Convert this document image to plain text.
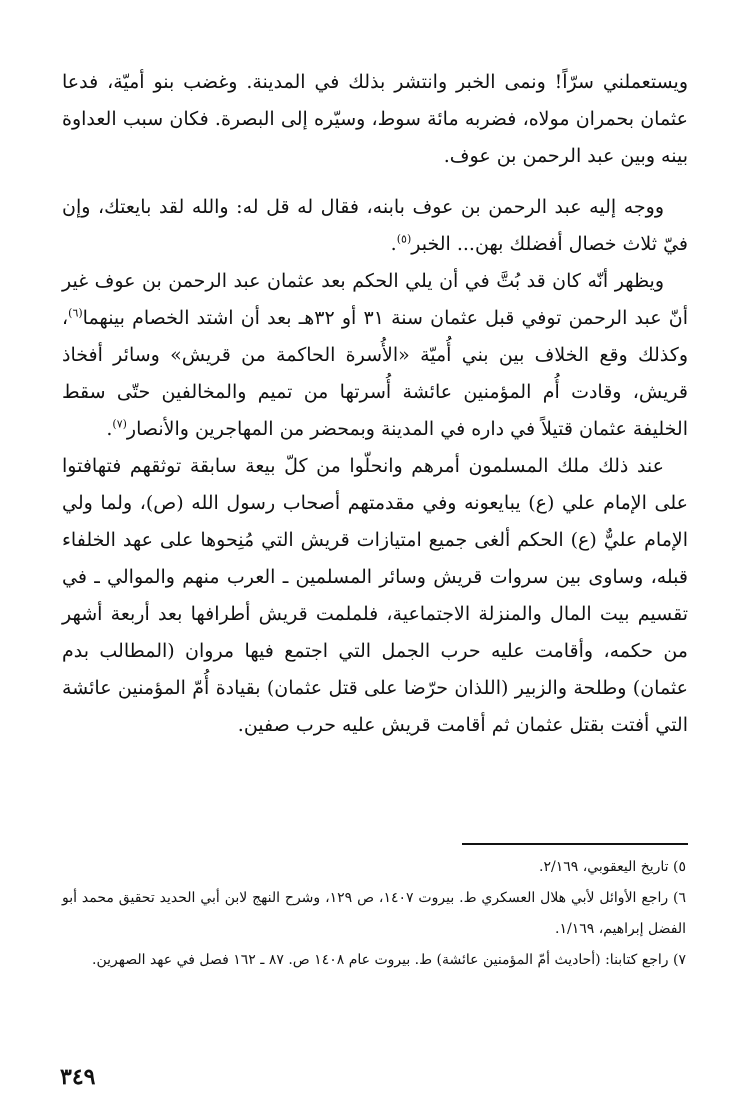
ويستعملني سرّاً! ونمى الخبر وانتشر بذلك في المدينة. وغضب بنو أميّة، فدعا عثمان بحمران مولاه، فضربه مائة سوط، وسيّره إلى البصرة. فكان سبب العداوة بينه وبين عبد الرحمن بن عوف.

ووجه إليه عبد الرحمن بن عوف بابنه، فقال له قل له: والله لقد بايعتك، وإن فيّ ثلاث خصال أفضلك بهن... الخبر$^{(٥)}$.

ويظهر أنّه كان قد بُتَّ في أن يلي الحكم بعد عثمان عبد الرحمن بن عوف غير أنّ عبد الرحمن توفي قبل عثمان سنة ٣١ أو ٣٢هـ بعد أن اشتد الخصام بينهما$^{(٦)}$، وكذلك وقع الخلاف بين بني أُميّة «الأُسرة الحاكمة من قريش» وسائر أفخاذ قريش، وقادت أُم المؤمنين عائشة أُسرتها من تميم والمخالفين حتّى سقط الخليفة عثمان قتيلاً في داره في المدينة وبمحضر من المهاجرين والأنصار$^{(٧)}$.

عند ذلك ملك المسلمون أمرهم وانحلّوا من كلّ بيعة سابقة توثقهم فتهافتوا على الإمام علي (ع) يبايعونه وفي مقدمتهم أصحاب رسول الله (ص)، ولما ولي الإمام عليٌّ (ع) الحكم ألغى جميع امتيازات قريش التي مُنِحوها على عهد الخلفاء قبله، وساوى بين سروات قريش وسائر المسلمين ـ العرب منهم والموالي ـ في تقسيم بيت المال والمنزلة الاجتماعية، فلملمت قريش أطرافها بعد أربعة أشهر من حكمه، وأقامت عليه حرب الجمل التي اجتمع فيها مروان (المطالب بدم عثمان) وطلحة والزبير (اللذان حرّضا على قتل عثمان) بقيادة أُمّ المؤمنين عائشة التي أفتت بقتل عثمان ثم أقامت قريش عليه حرب صفين.

٥) تاريخ اليعقوبي، ٢/١٦٩.

٦) راجع الأوائل لأبي هلال العسكري ط. بيروت ١٤٠٧، ص ١٢٩، وشرح النهج لابن أبي الحديد تحقيق محمد أبو الفضل إبراهيم، ١/١٦٩.

٧) راجع كتابنا: (أحاديث أمّ المؤمنين عائشة) ط. بيروت عام ١٤٠٨ ص. ٨٧ ـ ١٦٢ فصل في عهد الصهرين.

٣٤٩
